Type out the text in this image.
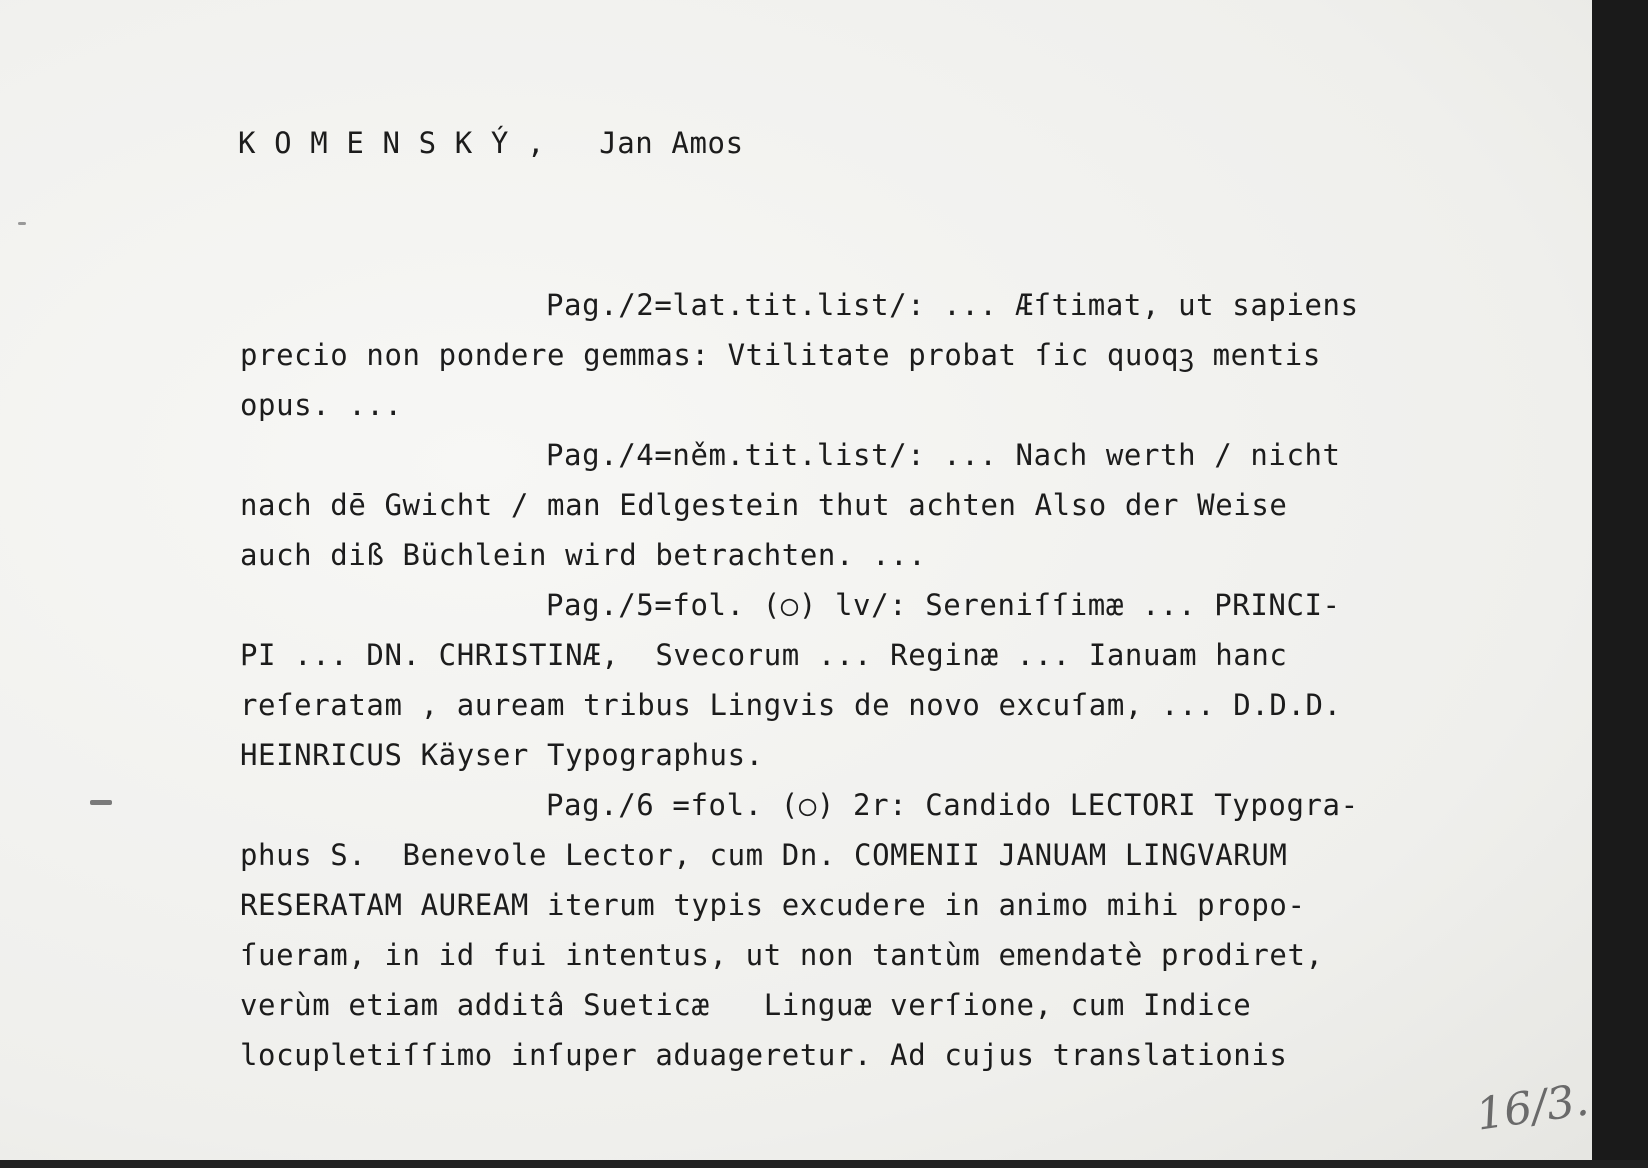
K O M E N S K Ý ,   Jan Amos

Pag./2=lat.tit.list/: ... Æſtimat, ut sapiens
precio non pondere gemmas: Vtilitate probat ſic quoqꝫ mentis
opus. ...
Pag./4=něm.tit.list/: ... Nach werth / nicht
nach dē Gwicht / man Edlgestein thut achten Also der Weise
auch diß Büchlein wird betrachten. ...
Pag./5=fol. (○) lv/: Sereniſſimæ ... PRINCI-
PI ... DN. CHRISTINÆ,  Svecorum ... Reginæ ... Ianuam hanc
reſeratam , auream tribus Lingvis de novo excuſam, ... D.D.D.
HEINRICUS Käyser Typographus.
Pag./6 =fol. (○) 2r: Candido LECTORI Typogra-
phus S.  Benevole Lector, cum Dn. COMENII JANUAM LINGVARUM
RESERATAM AUREAM iterum typis excudere in animo mihi propo-
ſueram, in id fui intentus, ut non tantùm emendatè prodiret,
verùm etiam additâ Sueticæ   Linguæ verſione, cum Indice
locupletiſſimo inſuper aduageretur. Ad cujus translationis
16/3.
